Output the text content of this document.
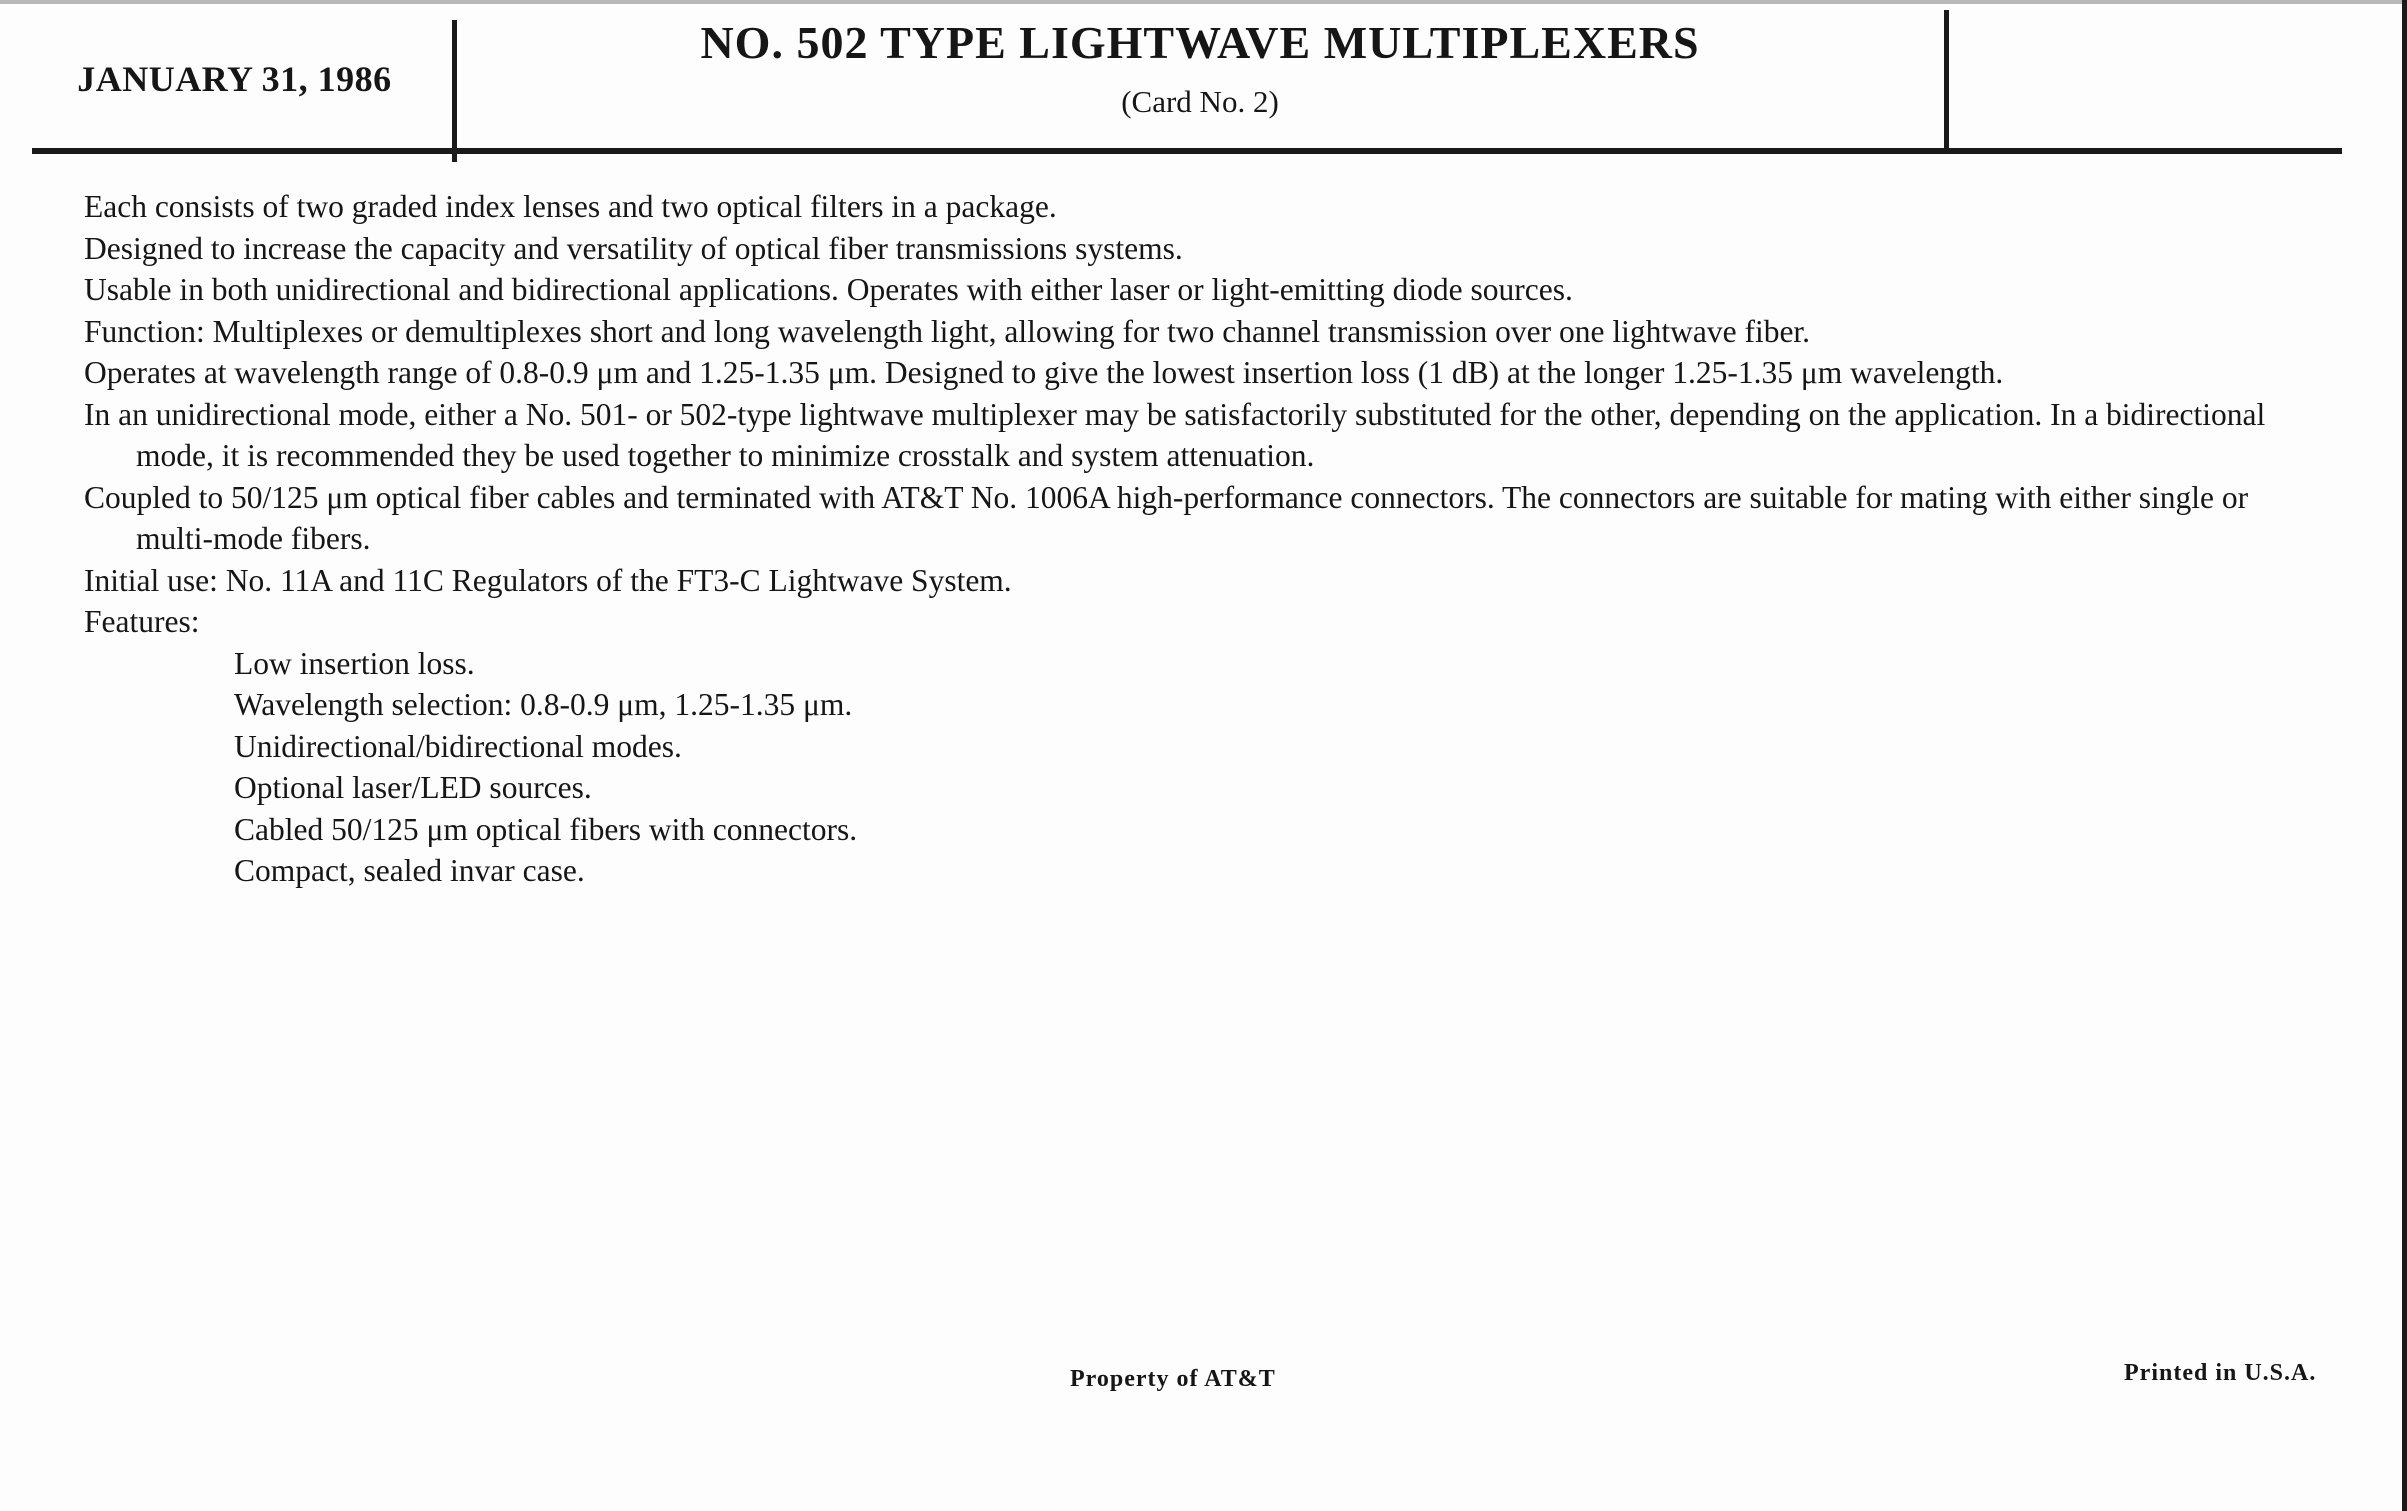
JANUARY 31, 1986
NO. 502 TYPE LIGHTWAVE MULTIPLEXERS
(Card No. 2)

Each consists of two graded index lenses and two optical filters in a package.

Designed to increase the capacity and versatility of optical fiber transmissions systems.

Usable in both unidirectional and bidirectional applications. Operates with either laser or light-emitting diode sources.

Function: Multiplexes or demultiplexes short and long wavelength light, allowing for two channel transmission over one lightwave fiber.

Operates at wavelength range of 0.8-0.9 μm and 1.25-1.35 μm. Designed to give the lowest insertion loss (1 dB) at the longer 1.25-1.35 μm wavelength.

In an unidirectional mode, either a No. 501- or 502-type lightwave multiplexer may be satisfactorily substituted for the other, depending on the application. In a bidirectional mode, it is recommended they be used together to minimize crosstalk and system attenuation.

Coupled to 50/125 μm optical fiber cables and terminated with AT&T No. 1006A high-performance connectors. The connectors are suitable for mating with either single or multi-mode fibers.

Initial use: No. 11A and 11C Regulators of the FT3-C Lightwave System.

Features:

Low insertion loss.
Wavelength selection: 0.8-0.9 μm, 1.25-1.35 μm.
Unidirectional/bidirectional modes.
Optional laser/LED sources.
Cabled 50/125 μm optical fibers with connectors.
Compact, sealed invar case.
Property of AT&T	Printed in U.S.A.
